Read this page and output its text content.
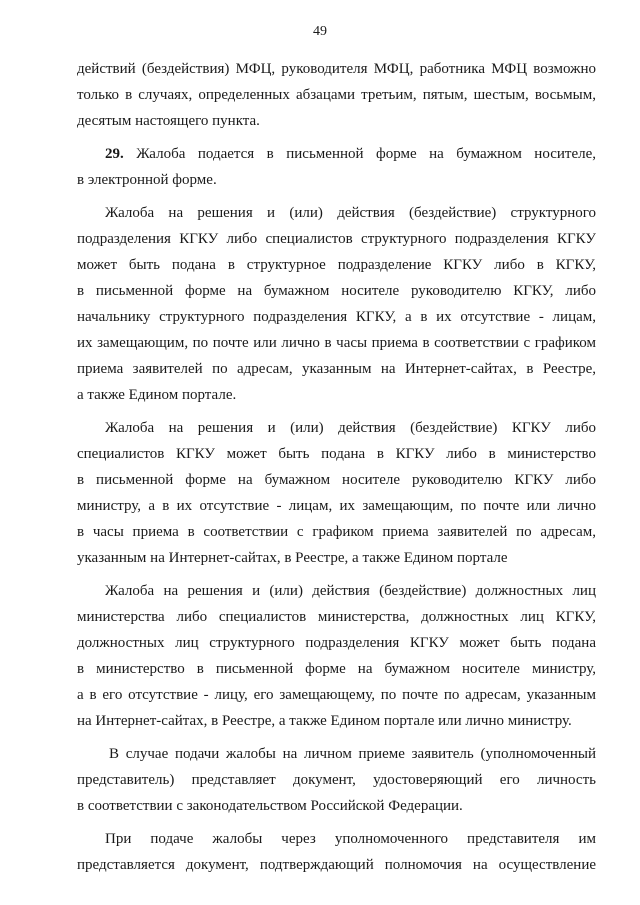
49
действий (бездействия) МФЦ, руководителя МФЦ, работника МФЦ возможно
только в случаях, определенных абзацами третьим, пятым, шестым, восьмым,
десятым настоящего пункта.
29. Жалоба подается в письменной форме на бумажном носителе,
в электронной форме.
Жалоба на решения и (или) действия (бездействие) структурного
подразделения КГКУ либо специалистов структурного подразделения КГКУ
может быть подана в структурное подразделение КГКУ либо в КГКУ,
в письменной форме на бумажном носителе руководителю КГКУ, либо
начальнику структурного подразделения КГКУ, а в их отсутствие - лицам,
их замещающим, по почте или лично в часы приема в соответствии с графиком
приема заявителей по адресам, указанным на Интернет-сайтах, в Реестре,
а также Едином портале.
Жалоба на решения и (или) действия (бездействие) КГКУ либо
специалистов КГКУ может быть подана в КГКУ либо в министерство
в письменной форме на бумажном носителе руководителю КГКУ либо
министру, а в их отсутствие - лицам, их замещающим, по почте или лично
в часы приема в соответствии с графиком приема заявителей по адресам,
указанным на Интернет-сайтах, в Реестре, а также Едином портале
Жалоба на решения и (или) действия (бездействие) должностных лиц
министерства либо специалистов министерства, должностных лиц КГКУ,
должностных лиц структурного подразделения КГКУ может быть подана
в министерство в письменной форме на бумажном носителе министру,
а в его отсутствие - лицу, его замещающему, по почте по адресам, указанным
на Интернет-сайтах, в Реестре, а также Едином портале или лично министру.
В случае подачи жалобы на личном приеме заявитель (уполномоченный
представитель) представляет документ, удостоверяющий его личность
в соответствии с законодательством Российской Федерации.
При подаче жалобы через уполномоченного представителя им
представляется документ, подтверждающий полномочия на осуществление
